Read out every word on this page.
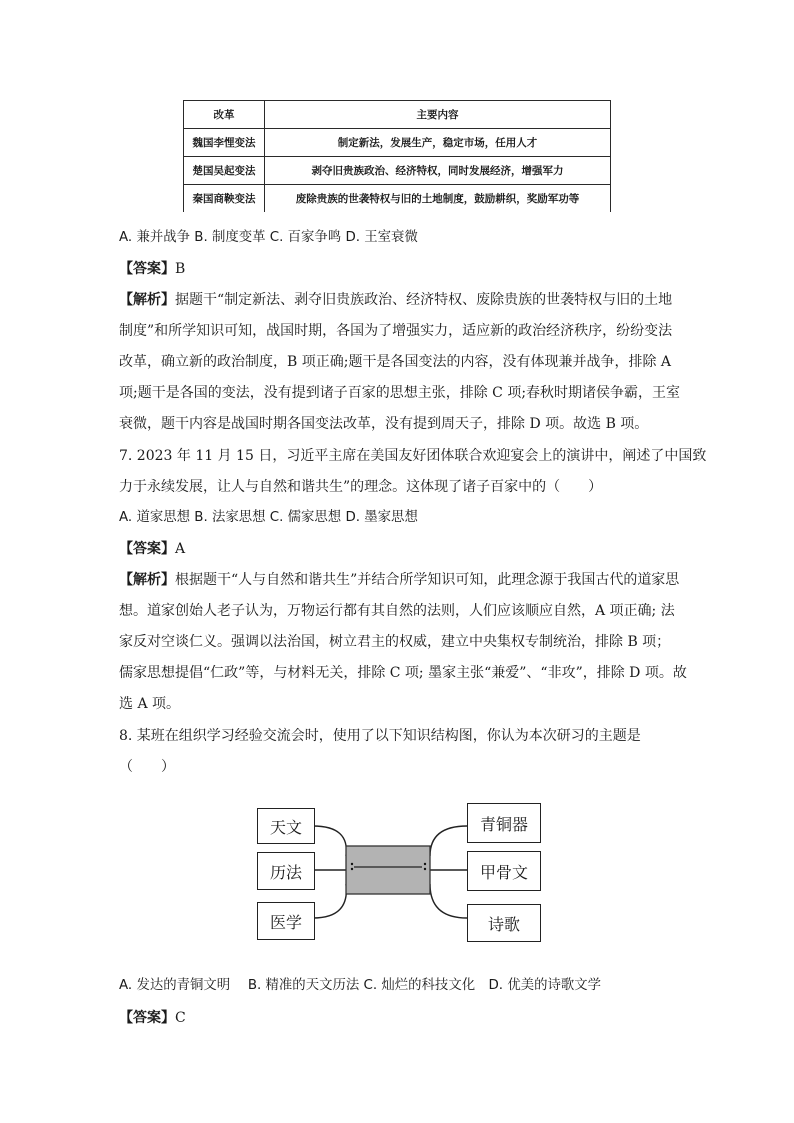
改革	主要内容
魏国李悝变法	制定新法，发展生产，稳定市场，任用人才
楚国吴起变法	剥夺旧贵族政治、经济特权，同时发展经济，增强军力
秦国商鞅变法	废除贵族的世袭特权与旧的土地制度，鼓励耕织，奖励军功等
A. 兼并战争 B. 制度变革 C. 百家争鸣 D. 王室衰微
【答案】B
【解析】据题干“制定新法、剥夺旧贵族政治、经济特权、废除贵族的世袭特权与旧的土地
制度”和所学知识可知，战国时期，各国为了增强实力，适应新的政治经济秩序，纷纷变法
改革，确立新的政治制度，B 项正确;题干是各国变法的内容，没有体现兼并战争，排除 A
项;题干是各国的变法，没有提到诸子百家的思想主张，排除 C 项;春秋时期诸侯争霸，王室
衰微，题干内容是战国时期各国变法改革，没有提到周天子，排除 D 项。故选 B 项。
7. 2023 年 11 月 15 日，习近平主席在美国友好团体联合欢迎宴会上的演讲中，阐述了中国致
力于永续发展，让人与自然和谐共生”的理念。这体现了诸子百家中的（　　）
A. 道家思想 B. 法家思想 C. 儒家思想 D. 墨家思想
【答案】A
【解析】根据题干“人与自然和谐共生”并结合所学知识可知，此理念源于我国古代的道家思
想。道家创始人老子认为，万物运行都有其自然的法则，人们应该顺应自然，A 项正确; 法
家反对空谈仁义。强调以法治国，树立君主的权威，建立中央集权专制统治，排除 B 项；
儒家思想提倡“仁政”等，与材料无关，排除 C 项; 墨家主张“兼爱”、“非攻”，排除 D 项。故
选 A 项。
8. 某班在组织学习经验交流会时，使用了以下知识结构图，你认为本次研习的主题是
（　　）
天文
历法
医学
青铜器
甲骨文
诗歌
A. 发达的青铜文明　 B. 精准的天文历法 C. 灿烂的科技文化　D. 优美的诗歌文学
【答案】C
